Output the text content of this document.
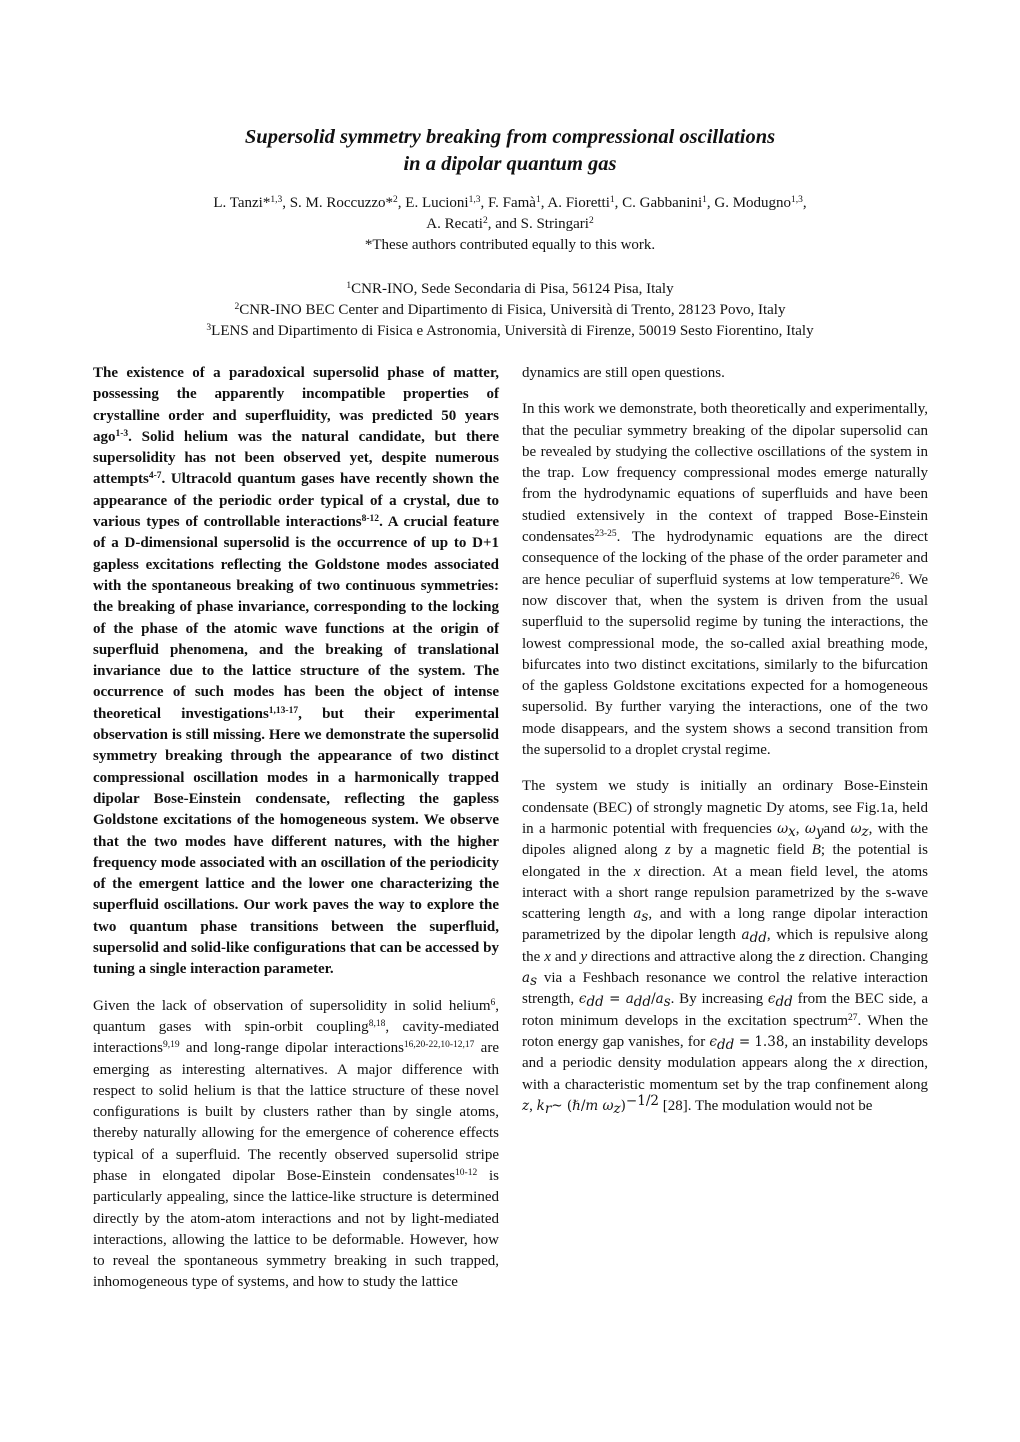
Supersolid symmetry breaking from compressional oscillations
in a dipolar quantum gas
L. Tanzi*$^{1,3}$, S. M. Roccuzzo*$^2$, E. Lucioni$^{1,3}$, F. Famà$^1$, A. Fioretti$^1$, C. Gabbanini$^1$, G. Modugno$^{1,3}$,
A. Recati$^2$, and S. Stringari$^2$
*These authors contributed equally to this work.
$^1$CNR-INO, Sede Secondaria di Pisa, 56124 Pisa, Italy
$^2$CNR-INO BEC Center and Dipartimento di Fisica, Università di Trento, 28123 Povo, Italy
$^3$LENS and Dipartimento di Fisica e Astronomia, Università di Firenze, 50019 Sesto Fiorentino, Italy

The existence of a paradoxical supersolid phase of matter, possessing the apparently incompatible properties of crystalline order and superfluidity, was predicted 50 years ago$^{1-3}$. Solid helium was the natural candidate, but there supersolidity has not been observed yet, despite numerous attempts$^{4-7}$. Ultracold quantum gases have recently shown the appearance of the periodic order typical of a crystal, due to various types of controllable interactions$^{8-12}$. A crucial feature of a D-dimensional supersolid is the occurrence of up to D+1 gapless excitations reflecting the Goldstone modes associated with the spontaneous breaking of two continuous symmetries: the breaking of phase invariance, corresponding to the locking of the phase of the atomic wave functions at the origin of superfluid phenomena, and the breaking of translational invariance due to the lattice structure of the system. The occurrence of such modes has been the object of intense theoretical investigations$^{1,13-17}$, but their experimental observation is still missing. Here we demonstrate the supersolid symmetry breaking through the appearance of two distinct compressional oscillation modes in a harmonically trapped dipolar Bose-Einstein condensate, reflecting the gapless Goldstone excitations of the homogeneous system. We observe that the two modes have different natures, with the higher frequency mode associated with an oscillation of the periodicity of the emergent lattice and the lower one characterizing the superfluid oscillations. Our work paves the way to explore the two quantum phase transitions between the superfluid, supersolid and solid-like configurations that can be accessed by tuning a single interaction parameter.

Given the lack of observation of supersolidity in solid helium$^6$, quantum gases with spin-orbit coupling$^{8,18}$, cavity-mediated interactions$^{9,19}$ and long-range dipolar interactions$^{16,20-22,10-12,17}$ are emerging as interesting alternatives. A major difference with respect to solid helium is that the lattice structure of these novel configurations is built by clusters rather than by single atoms, thereby naturally allowing for the emergence of coherence effects typical of a superfluid. The recently observed supersolid stripe phase in elongated dipolar Bose-Einstein condensates$^{10-12}$ is particularly appealing, since the lattice-like structure is determined directly by the atom-atom interactions and not by light-mediated interactions, allowing the lattice to be deformable. However, how to reveal the spontaneous symmetry breaking in such trapped, inhomogeneous type of systems, and how to study the lattice

dynamics are still open questions.

In this work we demonstrate, both theoretically and experimentally, that the peculiar symmetry breaking of the dipolar supersolid can be revealed by studying the collective oscillations of the system in the trap. Low frequency compressional modes emerge naturally from the hydrodynamic equations of superfluids and have been studied extensively in the context of trapped Bose-Einstein condensates$^{23-25}$. The hydrodynamic equations are the direct consequence of the locking of the phase of the order parameter and are hence peculiar of superfluid systems at low temperature$^{26}$. We now discover that, when the system is driven from the usual superfluid to the supersolid regime by tuning the interactions, the lowest compressional mode, the so-called axial breathing mode, bifurcates into two distinct excitations, similarly to the bifurcation of the gapless Goldstone excitations expected for a homogeneous supersolid. By further varying the interactions, one of the two mode disappears, and the system shows a second transition from the supersolid to a droplet crystal regime.

The system we study is initially an ordinary Bose-Einstein condensate (BEC) of strongly magnetic Dy atoms, see Fig.1a, held in a harmonic potential with frequencies $\omega_x$, $\omega_yand$ $\omega_z$, with the dipoles aligned along z by a magnetic field B; the potential is elongated in the x direction. At a mean field level, the atoms interact with a short range repulsion parametrized by the s-wave scattering length $a_s$, and with a long range dipolar interaction parametrized by the dipolar length $a_{dd}$, which is repulsive along the x and y directions and attractive along the z direction. Changing $a_s$ via a Feshbach resonance we control the relative interaction strength, $\epsilon_{dd} = a_{dd}/a_s$. By increasing $\epsilon_{dd}$ from the BEC side, a roton minimum develops in the excitation spectrum$^{27}$. When the roton energy gap vanishes, for $\epsilon_{dd} = 1.38$, an instability develops and a periodic density modulation appears along the x direction, with a characteristic momentum set by the trap confinement along z, $k_r\sim$ (ℏ/m $\omega_z)^{-1/2}$ [28]. The modulation would not be
